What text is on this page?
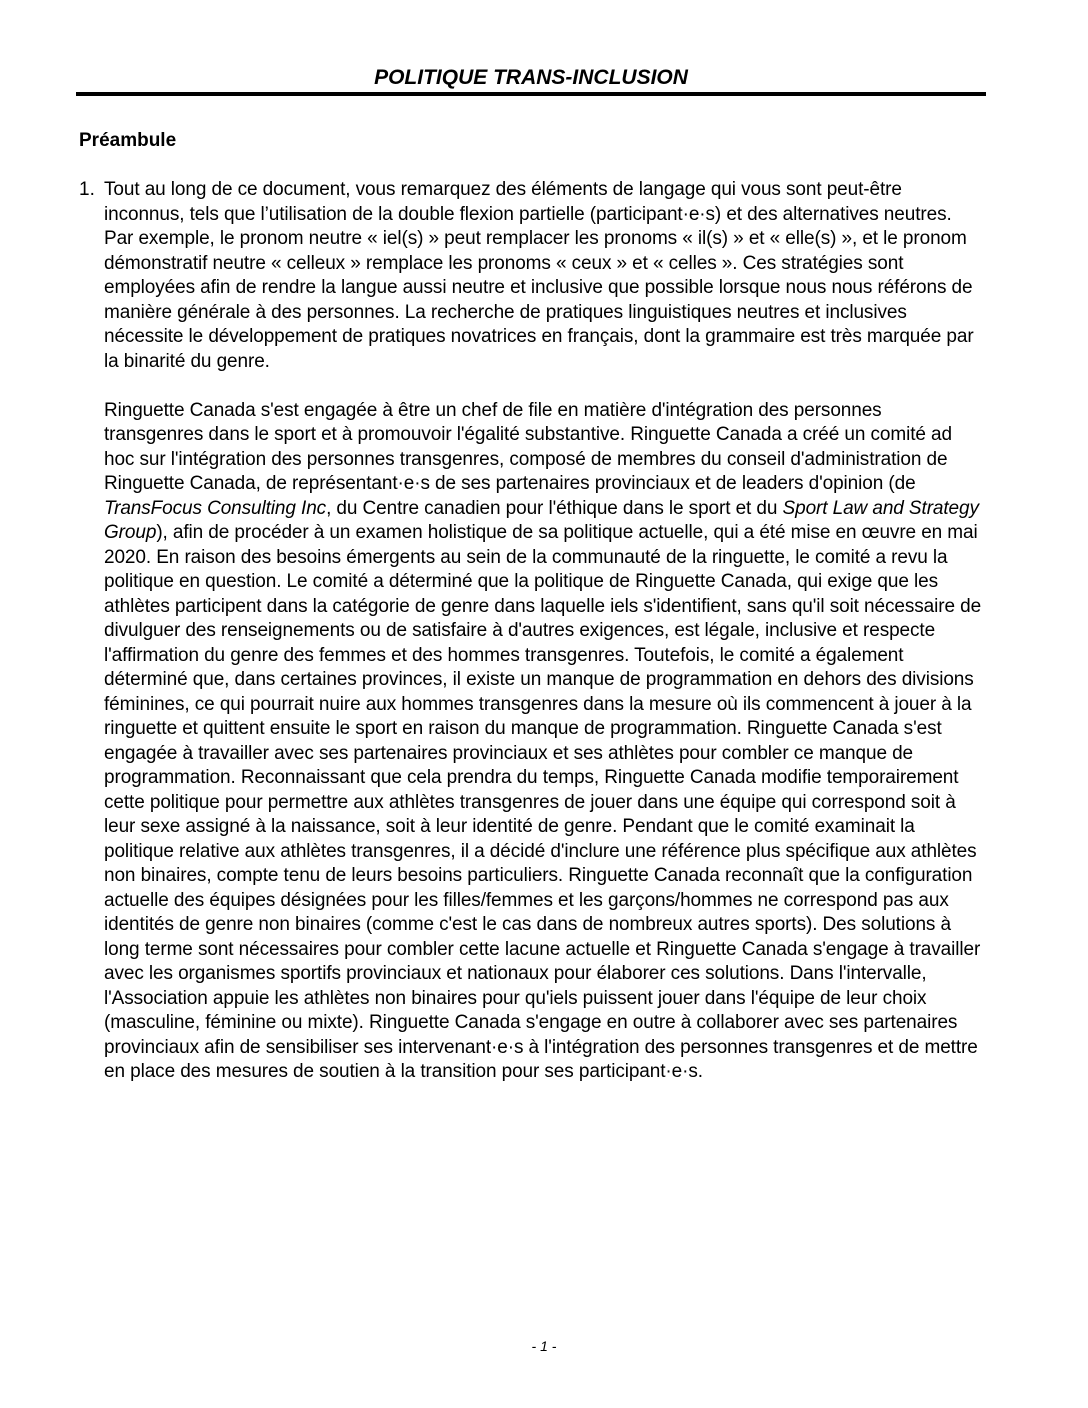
POLITIQUE TRANS-INCLUSION
Préambule
1. Tout au long de ce document, vous remarquez des éléments de langage qui vous sont peut-être inconnus, tels que l’utilisation de la double flexion partielle (participant·e·s) et des alternatives neutres. Par exemple, le pronom neutre « iel(s) » peut remplacer les pronoms « il(s) » et « elle(s) », et le pronom démonstratif neutre « celleux » remplace les pronoms « ceux » et « celles ». Ces stratégies sont employées afin de rendre la langue aussi neutre et inclusive que possible lorsque nous nous référons de manière générale à des personnes. La recherche de pratiques linguistiques neutres et inclusives nécessite le développement de pratiques novatrices en français, dont la grammaire est très marquée par la binarité du genre.

Ringuette Canada s'est engagée à être un chef de file en matière d'intégration des personnes transgenres dans le sport et à promouvoir l'égalité substantive. Ringuette Canada a créé un comité ad hoc sur l'intégration des personnes transgenres, composé de membres du conseil d'administration de Ringuette Canada, de représentant·e·s de ses partenaires provinciaux et de leaders d'opinion (de TransFocus Consulting Inc, du Centre canadien pour l'éthique dans le sport et du Sport Law and Strategy Group), afin de procéder à un examen holistique de sa politique actuelle, qui a été mise en œuvre en mai 2020. En raison des besoins émergents au sein de la communauté de la ringuette, le comité a revu la politique en question. Le comité a déterminé que la politique de Ringuette Canada, qui exige que les athlètes participent dans la catégorie de genre dans laquelle iels s'identifient, sans qu'il soit nécessaire de divulguer des renseignements ou de satisfaire à d'autres exigences, est légale, inclusive et respecte l'affirmation du genre des femmes et des hommes transgenres. Toutefois, le comité a également déterminé que, dans certaines provinces, il existe un manque de programmation en dehors des divisions féminines, ce qui pourrait nuire aux hommes transgenres dans la mesure où ils commencent à jouer à la ringuette et quittent ensuite le sport en raison du manque de programmation. Ringuette Canada s'est engagée à travailler avec ses partenaires provinciaux et ses athlètes pour combler ce manque de programmation. Reconnaissant que cela prendra du temps, Ringuette Canada modifie temporairement cette politique pour permettre aux athlètes transgenres de jouer dans une équipe qui correspond soit à leur sexe assigné à la naissance, soit à leur identité de genre. Pendant que le comité examinait la politique relative aux athlètes transgenres, il a décidé d'inclure une référence plus spécifique aux athlètes non binaires, compte tenu de leurs besoins particuliers. Ringuette Canada reconnaît que la configuration actuelle des équipes désignées pour les filles/femmes et les garçons/hommes ne correspond pas aux identités de genre non binaires (comme c'est le cas dans de nombreux autres sports). Des solutions à long terme sont nécessaires pour combler cette lacune actuelle et Ringuette Canada s'engage à travailler avec les organismes sportifs provinciaux et nationaux pour élaborer ces solutions. Dans l'intervalle, l'Association appuie les athlètes non binaires pour qu'iels puissent jouer dans l'équipe de leur choix (masculine, féminine ou mixte). Ringuette Canada s'engage en outre à collaborer avec ses partenaires provinciaux afin de sensibiliser ses intervenant·e·s à l'intégration des personnes transgenres et de mettre en place des mesures de soutien à la transition pour ses participant·e·s.

- 1 -
